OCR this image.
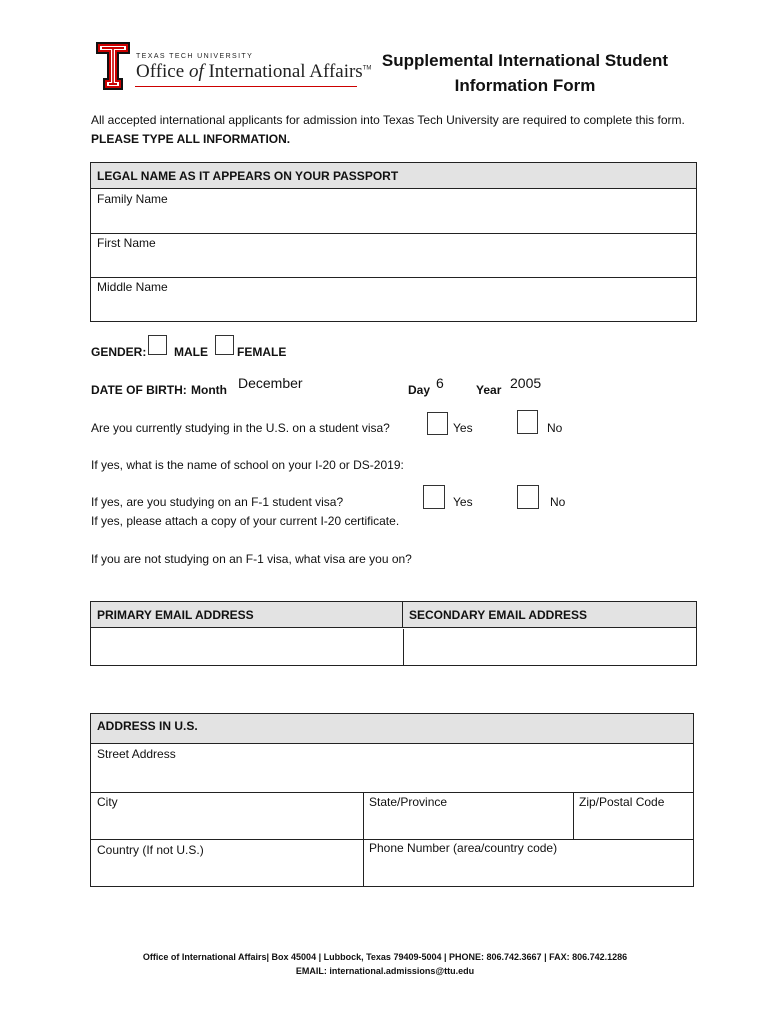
TEXAS TECH UNIVERSITY
Office of International Affairs™ Supplemental International Student
Information Form
All accepted international applicants for admission into Texas Tech University are required to complete this form. PLEASE TYPE ALL INFORMATION.
LEGAL NAME AS IT APPEARS ON YOUR PASSPORT
Family Name
First Name
Middle Name
GENDER: MALE FEMALE
DATE OF BIRTH: Month December	Day 6	Year 2005
Are you currently studying in the U.S. on a student visa?	Yes	No
If yes, what is the name of school on your I-20 or DS-2019:
If yes, are you studying on an F-1 student visa?	Yes	No
If yes, please attach a copy of your current I-20 certificate.
If you are not studying on an F-1 visa, what visa are you on?
PRIMARY EMAIL ADDRESS	SECONDARY EMAIL ADDRESS
ADDRESS IN U.S.
Street Address
City	State/Province	Zip/Postal Code
Country (If not U.S.)	Phone Number (area/country code)
Office of International Affairs| Box 45004 | Lubbock, Texas 79409-5004 | PHONE: 806.742.3667 | FAX: 806.742.1286
EMAIL: international.admissions@ttu.edu
